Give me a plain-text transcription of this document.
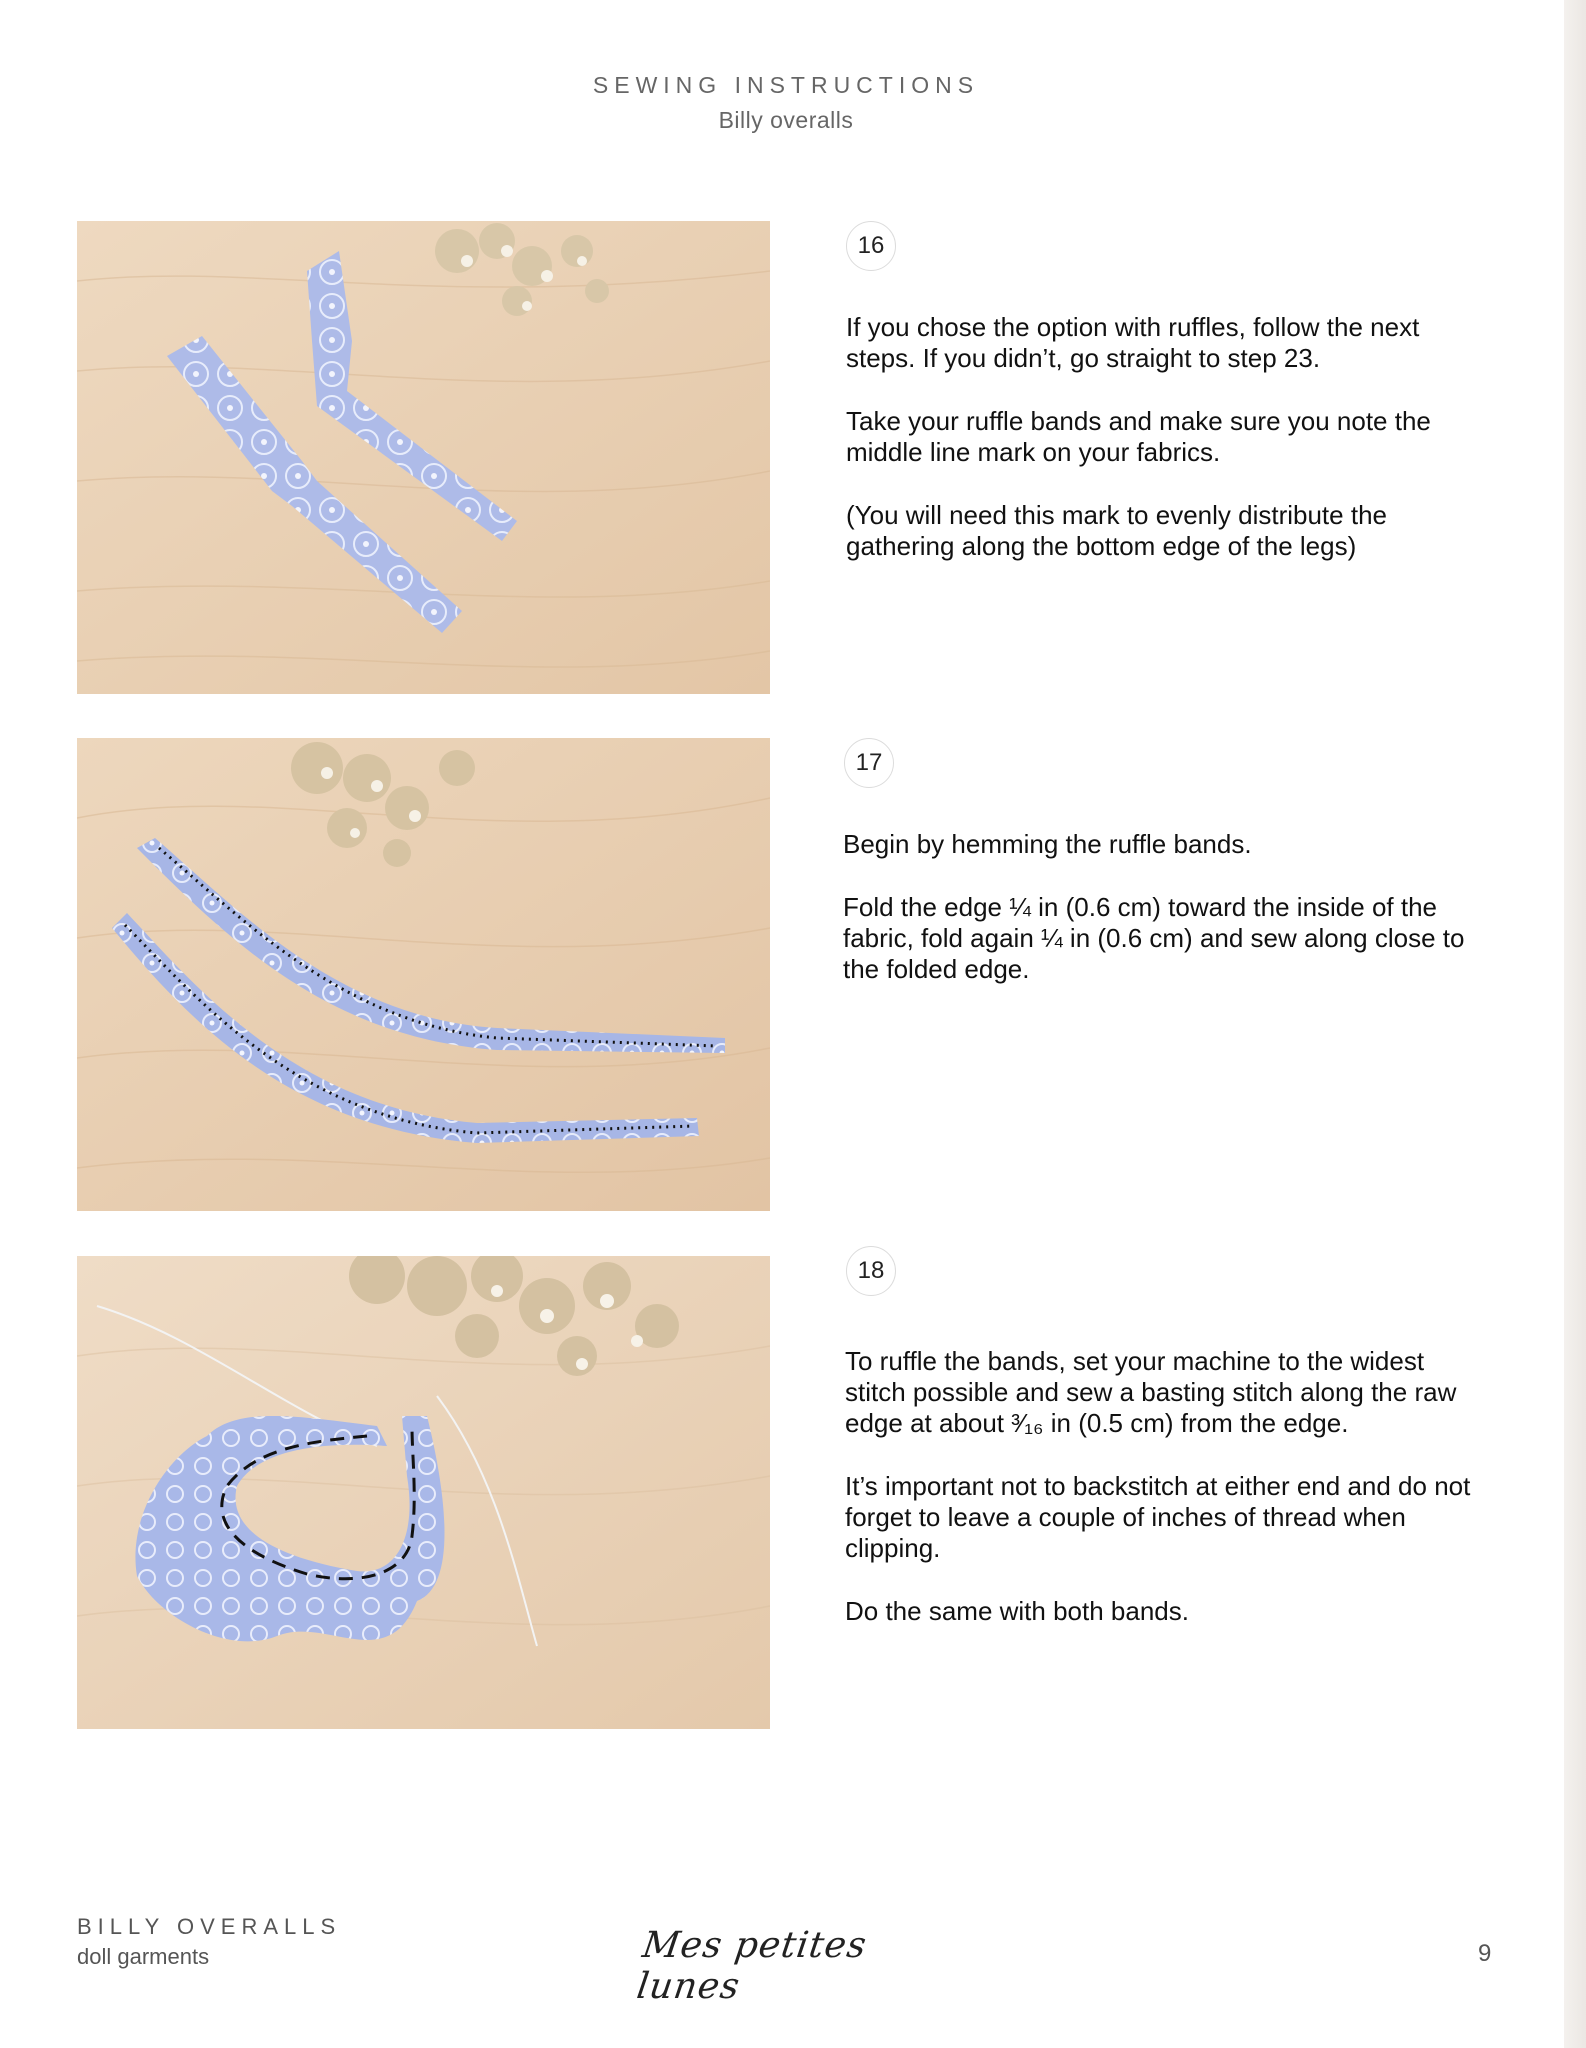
SEWING INSTRUCTIONS
Billy overalls
16

If you chose the option with ruffles, follow the next steps. If you didn’t, go straight to step 23.

Take your ruffle bands and make sure you note the middle line mark on your fabrics.

(You will need this mark to evenly distribute the gathering along the bottom edge of the legs)

17

Begin by hemming the ruffle bands.

Fold the edge ¼ in (0.6 cm) toward the inside of the fabric, fold again ¼ in (0.6 cm) and sew along close to the folded edge.

18

To ruffle the bands, set your machine to the widest stitch possible and sew a basting stitch along the raw edge at about ³⁄₁₆ in (0.5 cm) from the edge.

It’s important not to backstitch at either end and do not forget to leave a couple of inches of thread when clipping.

Do the same with both bands.

BILLY OVERALLS
doll garments	Mes petites lunes
9
